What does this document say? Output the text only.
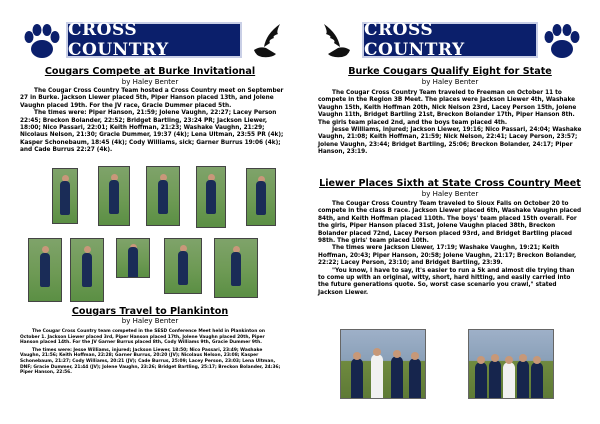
CROSS COUNTRY
Cougars Compete at Burke Invitational
by Haley Benter

The Cougar Cross Country Team hosted a Cross Country meet on September 27 in Burke. Jackson Liewer placed 5th, Piper Hanson placed 13th, and Jolene Vaughn placed 19th. For the JV race, Gracie Dummer placed 5th.

The times were: Piper Hanson, 21:59; Jolene Vaughn, 22:27; Lacey Person 22:45; Breckon Bolander, 22:52; Bridget Bartling, 23:24 PR; Jackson Liewer, 18:00; Nico Passari, 22:01; Keith Hoffman, 21:23; Washake Vaughn, 21:29; Nicolaus Nelson, 21:30; Gracie Dummer, 19:37 (4k); Lena Ultman, 23:55 PR (4k); Kasper Schonebaum, 18:45 (4k); Cody Williams, sick; Garner Burrus 19:06 (4k); and Cade Burrus 22:27 (4k).

Cougars Travel to Plankinton
by Haley Benter

The Cougar Cross Country team competed in the SESD Conference Meet held in Plankinton on October 1. Jackson Liewer placed 3rd, Piper Hanson placed 17th, Jolene Vaughn placed 20th, Piper Hanson placed 14th. For the JV Garner Burrus placed 8th, Cody Williams 9th, Gracie Dummer 9th.

The times were: Jesse Williams, injured; Jackson Liewer, 18:50; Nico Passari, 23:49; Washake Vaughn, 21:56; Keith Hoffman, 22:28; Garner Burrus, 20:20 (JV); Nicolaus Nelson, 23:08; Kasper Schonebaum, 21:27; Cody Williams, 20:21 (JV); Cade Burrus, 25:09; Lacey Person, 23:03; Lena Ultman, DNF; Gracie Dummer, 21:44 (JV); Jolene Vaughn, 23:26; Bridget Bartling, 25:17; Breckon Bolander, 24:36; Piper Hanson, 22:56.

CROSS COUNTRY
Burke Cougars Qualify Eight for State
by Haley Benter

The Cougar Cross Country Team traveled to Freeman on October 11 to compete in the Region 3B Meet. The places were Jackson Liewer 4th, Washake Vaughn 15th, Keith Hoffman 20th, Nick Nelson 23rd, Lacey Person 15th, Jolene Vaughn 11th, Bridget Bartling 21st, Breckon Bolander 17th, Piper Hanson 8th. The girls team placed 2nd, and the boys team placed 4th.

Jesse Williams, injured; Jackson Liewer, 19:16; Nico Passari, 24:04; Washake Vaughn, 21:08; Keith Hoffman, 21:59; Nick Nelson, 22:41; Lacey Person, 23:57; Jolene Vaughn, 23:44; Bridget Bartling, 25:06; Breckon Bolander, 24:17; Piper Hanson, 23:19.

Liewer Places Sixth at State Cross Country Meet
by Haley Benter

The Cougar Cross Country Team traveled to Sioux Falls on October 20 to compete in the class B race. Jackson Liewer placed 6th, Washake Vaughn placed 84th, and Keith Hoffman placed 110th. The boys' team placed 15th overall. For the girls, Piper Hanson placed 31st, Jolene Vaughn placed 38th, Breckon Bolander placed 72nd, Lacey Person placed 93rd, and Bridget Bartling placed 98th. The girls' team placed 10th.

The times were Jackson Liewer, 17:19; Washake Vaughn, 19:21; Keith Hoffman, 20:43; Piper Hanson, 20:58; Jolene Vaughn, 21:17; Breckon Bolander, 22:22; Lacey Person, 23:10; and Bridget Bartling, 23:39.

"You know, I have to say, it's easier to run a 5k and almost die trying than to come up with an original, witty, short, hard hitting, and easily carried into the future generations quote. So, worst case scenario you crawl," stated Jackson Liewer.
